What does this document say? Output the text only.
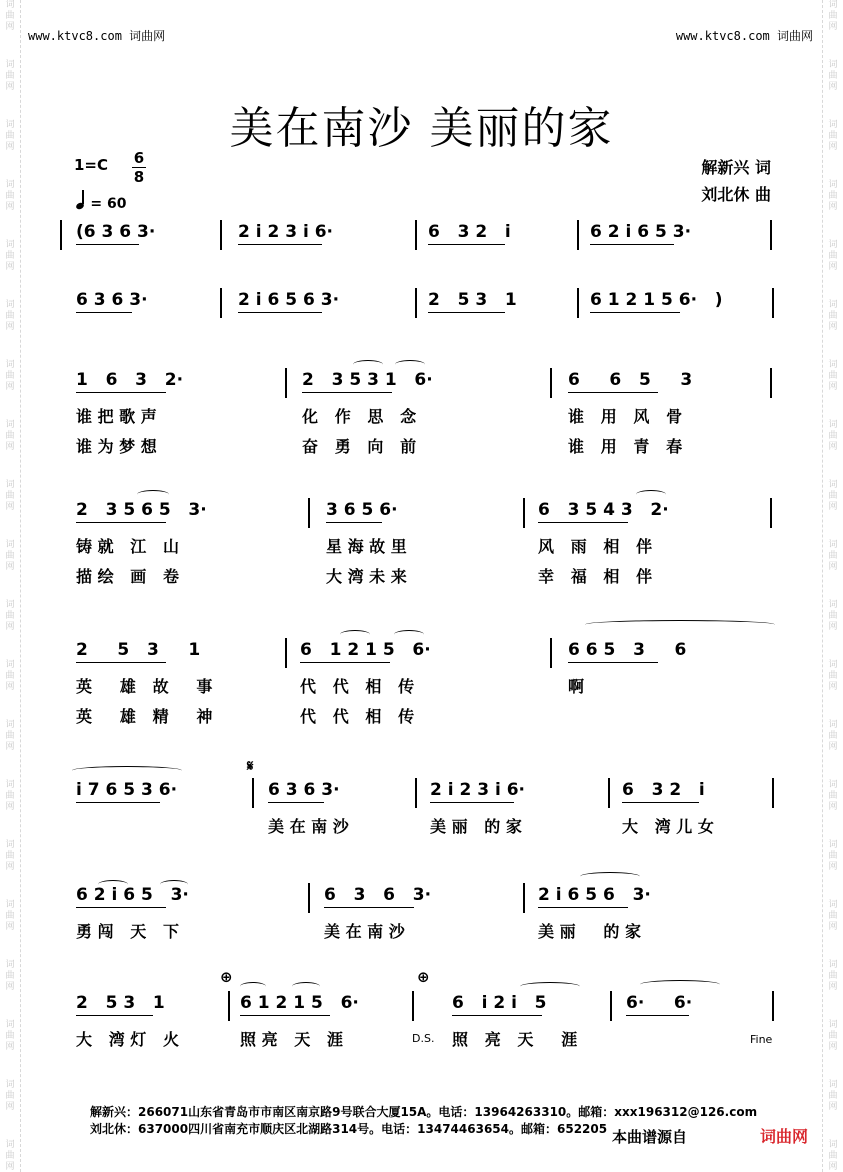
词
曲
网
词
曲
网
词
曲
网
词
曲
网
词
曲
网
词
曲
网
词
曲
网
词
曲
网
词
曲
网
词
曲
网
词
曲
网
词
曲
网
词
曲
网
词
曲
网
词
曲
网
词
曲
网
词
曲
网
词
曲
网
词
曲
网
词
曲
网
词
曲
网
词
曲
网
词
曲
网
词
曲
网
词
曲
网
词
曲
网
词
曲
网
词
曲
网
词
曲
网
词
曲
网
词
曲
网
词
曲
网
词
曲
网
词
曲
网
词
曲
网
词
曲
网
词
曲
网
词
曲
网
词
曲
网
词
曲
网
www.ktvc8.com 词曲网	www.ktvc8.com 词曲网
美在南沙 美丽的家
1=C 6
8
= 60
解新兴 词
刘北休 曲
(6 3 6 3·	2 i 2 3 i 6·	6   3 2   i	6 2 i 6 5 3·
6 3 6 3·	2 i 6 5 6 3·	2   5 3   1	6 1 2 1 5 6·   )
1   6   3   2·	2   3 5 3 1   6·	6     6   5     3
谁 把 歌 声	化   作   思   念	谁   用   风   骨
谁 为 梦 想	奋   勇   向   前	谁   用   青   春
2   3 5 6 5   3·	3 6 5 6·	6   3 5 4 3   2·
铸 就   江   山	星 海 故 里	风   雨   相   伴
描 绘   画   卷	大 湾 未 来	幸   福   相   伴
2     5   3     1	6   1 2 1 5   6·	6 6 5   3     6
英     雄   故     事	代   代   相   传	啊
英     雄   精     神	代   代   相   传
i 7 6 5 3 6·	6 3 6 3·	2 i 2 3 i 6·	6   3 2   i
美 在 南 沙	美 丽   的 家	大   湾 儿 女
6 2 i 6 5   3·	6   3   6   3·	2 i 6 5 6   3·
勇 闯   天   下	美 在 南 沙	美 丽     的 家
2   5 3   1	6 1 2 1 5   6·	6   i 2 i   5	6·     6·
大   湾 灯   火	照 亮   天   涯	照   亮   天     涯	Fine
𝄋
⊕	⊕
D.S.
解新兴：266071山东省青岛市市南区南京路9号联合大厦15A。电话：13964263310。邮箱：xxx196312@126.com
刘北休：637000四川省南充市顺庆区北湖路314号。电话：13474463654。邮箱：652205 本曲谱源自	词曲网
